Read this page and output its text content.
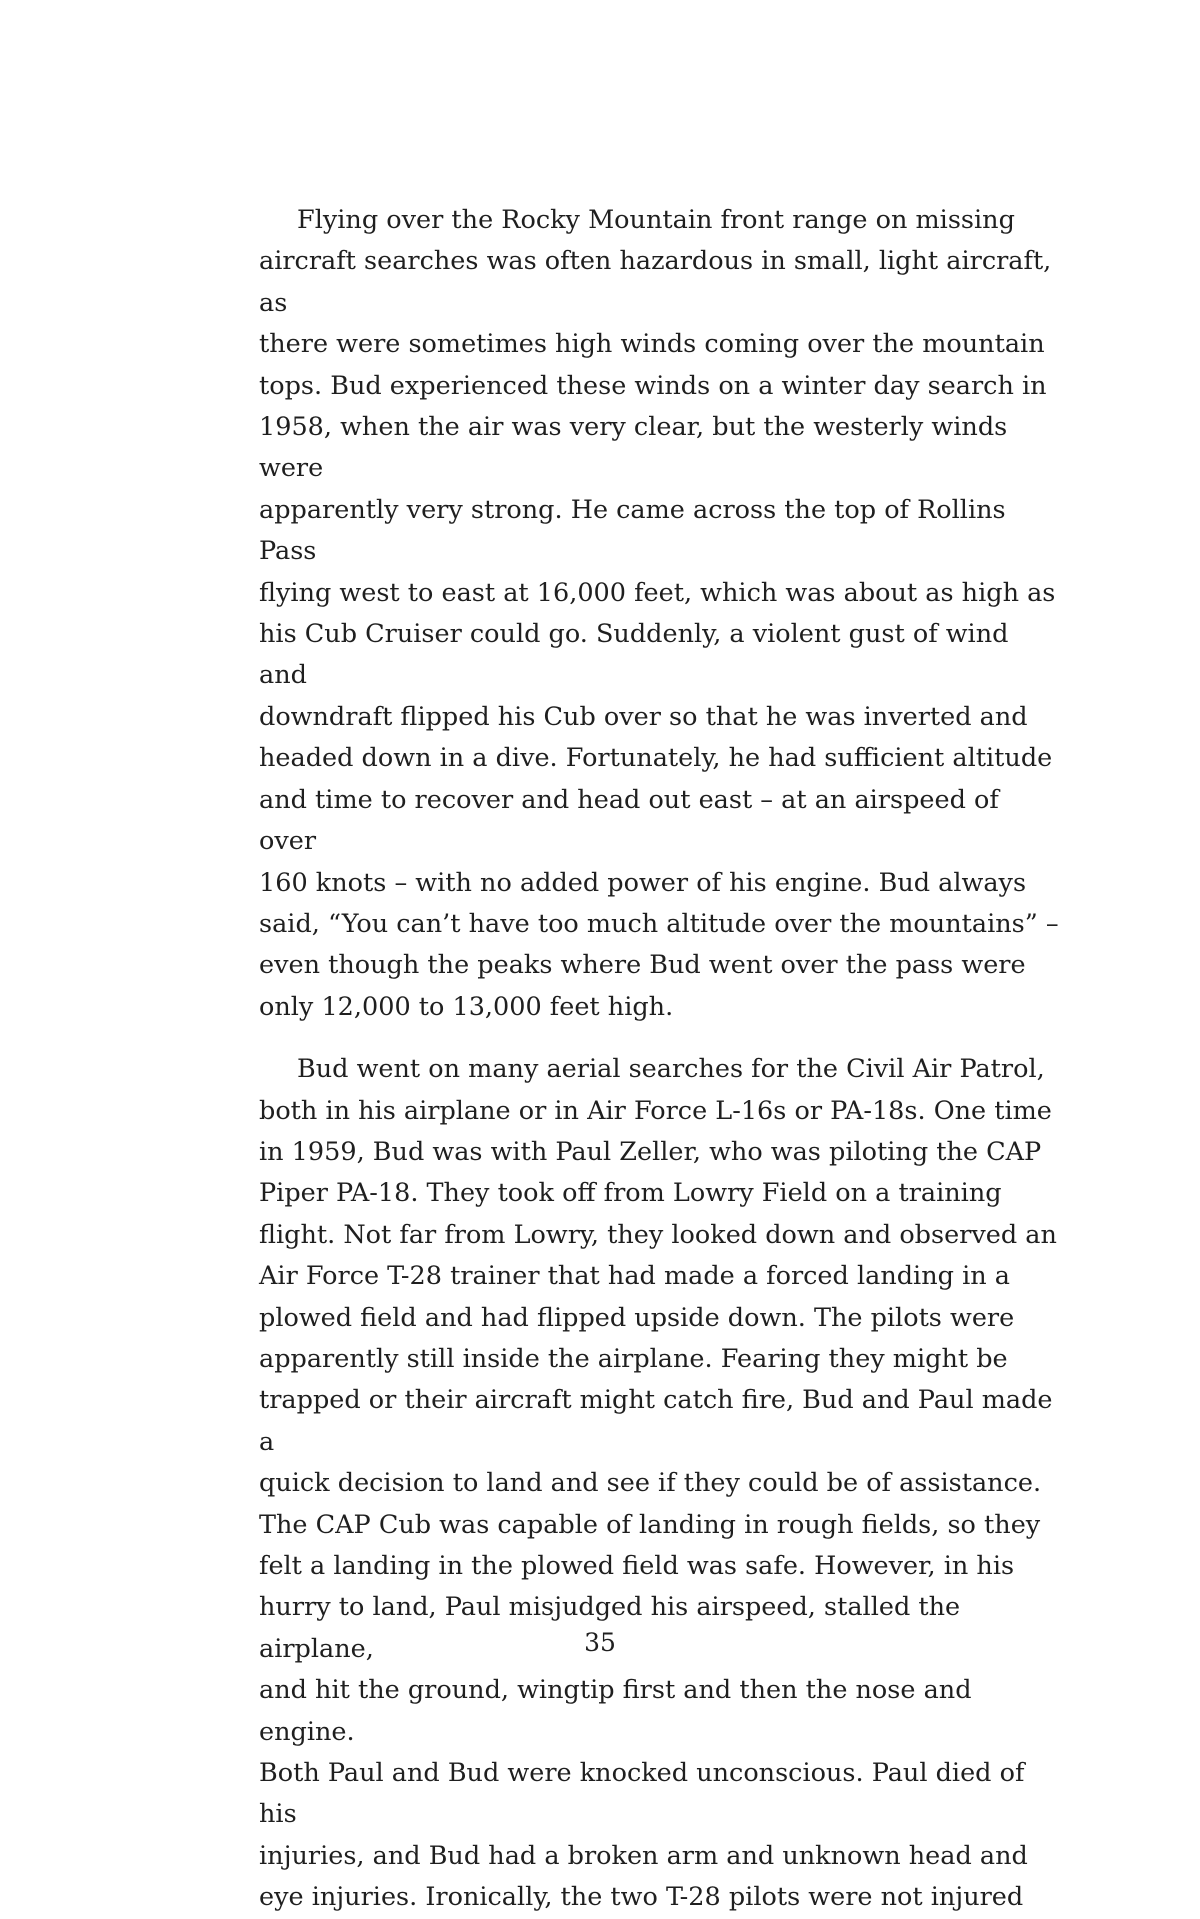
Flying over the Rocky Mountain front range on missing
aircraft searches was often hazardous in small, light aircraft, as
there were sometimes high winds coming over the mountain
tops. Bud experienced these winds on a winter day search in
1958, when the air was very clear, but the westerly winds were
apparently very strong. He came across the top of Rollins Pass
flying west to east at 16,000 feet, which was about as high as
his Cub Cruiser could go. Suddenly, a violent gust of wind and
downdraft flipped his Cub over so that he was inverted and
headed down in a dive. Fortunately, he had sufficient altitude
and time to recover and head out east – at an airspeed of over
160 knots – with no added power of his engine. Bud always
said, “You can’t have too much altitude over the mountains” –
even though the peaks where Bud went over the pass were
only 12,000 to 13,000 feet high.

Bud went on many aerial searches for the Civil Air Patrol,
both in his airplane or in Air Force L-16s or PA-18s. One time
in 1959, Bud was with Paul Zeller, who was piloting the CAP
Piper PA-18. They took off from Lowry Field on a training
flight. Not far from Lowry, they looked down and observed an
Air Force T-28 trainer that had made a forced landing in a
plowed field and had flipped upside down. The pilots were
apparently still inside the airplane. Fearing they might be
trapped or their aircraft might catch fire, Bud and Paul made a
quick decision to land and see if they could be of assistance.
The CAP Cub was capable of landing in rough fields, so they
felt a landing in the plowed field was safe. However, in his
hurry to land, Paul misjudged his airspeed, stalled the airplane,
and hit the ground, wingtip first and then the nose and engine.
Both Paul and Bud were knocked unconscious. Paul died of his
injuries, and Bud had a broken arm and unknown head and
eye injuries. Ironically, the two T-28 pilots were not injured

35
